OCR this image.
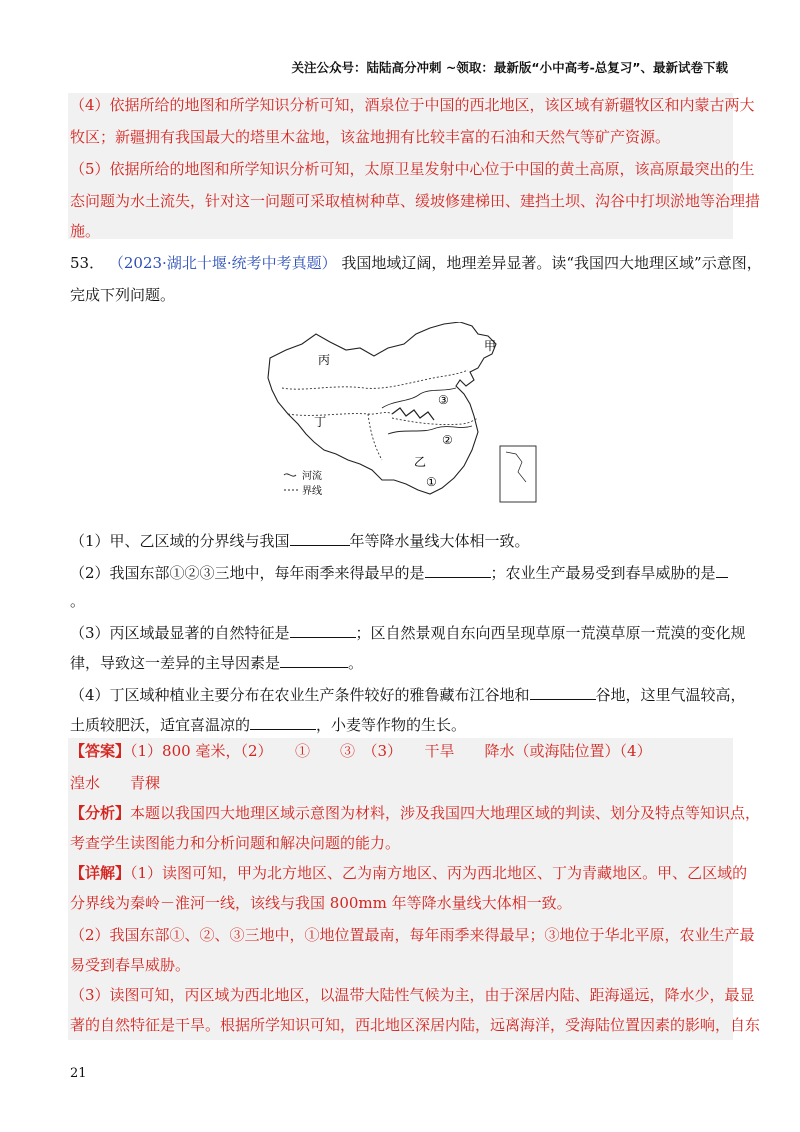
关注公众号：陆陆高分冲刺 ~领取：最新版“小中高考-总复习”、最新试卷下载
（4）依据所给的地图和所学知识分析可知，酒泉位于中国的西北地区，该区域有新疆牧区和内蒙古两大
牧区；新疆拥有我国最大的塔里木盆地，该盆地拥有比较丰富的石油和天然气等矿产资源。
（5）依据所给的地图和所学知识分析可知，太原卫星发射中心位于中国的黄土高原，该高原最突出的生
态问题为水土流失，针对这一问题可采取植树种草、缓坡修建梯田、建挡土坝、沟谷中打坝淤地等治理措
施。
53． （2023·湖北十堰·统考中考真题） 我国地域辽阔，地理差异显著。读“我国四大地理区域”示意图，
完成下列问题。
丙
甲
丁
乙
③
②
①
河流
界线
（1）甲、乙区域的分界线与我国	年等降水量线大体相一致。
（2）我国东部①②③三地中，每年雨季来得最早的是	；农业生产最易受到春旱威胁的是
。
（3）丙区域最显著的自然特征是	；区自然景观自东向西呈现草原一荒漠草原一荒漠的变化规
律，导致这一差异的主导因素是	。
（4）丁区域种植业主要分布在农业生产条件较好的雅鲁藏布江谷地和	谷地，这里气温较高，
土质较肥沃，适宜喜温凉的	，小麦等作物的生长。
【答案】（1）800 毫米，（2）　　①　　③　（3）　　干旱　　降水（或海陆位置）（4）
湟水　　青稞
【分析】本题以我国四大地理区域示意图为材料，涉及我国四大地理区域的判读、划分及特点等知识点，
考查学生读图能力和分析问题和解决问题的能力。
【详解】（1）读图可知，甲为北方地区、乙为南方地区、丙为西北地区、丁为青藏地区。甲、乙区域的
分界线为秦岭－淮河一线，该线与我国 800mm 年等降水量线大体相一致。
（2）我国东部①、②、③三地中，①地位置最南，每年雨季来得最早；③地位于华北平原，农业生产最
易受到春旱威胁。
（3）读图可知，丙区域为西北地区，以温带大陆性气候为主，由于深居内陆、距海遥远，降水少，最显
著的自然特征是干旱。根据所学知识可知，西北地区深居内陆，远离海洋，受海陆位置因素的影响，自东
21
